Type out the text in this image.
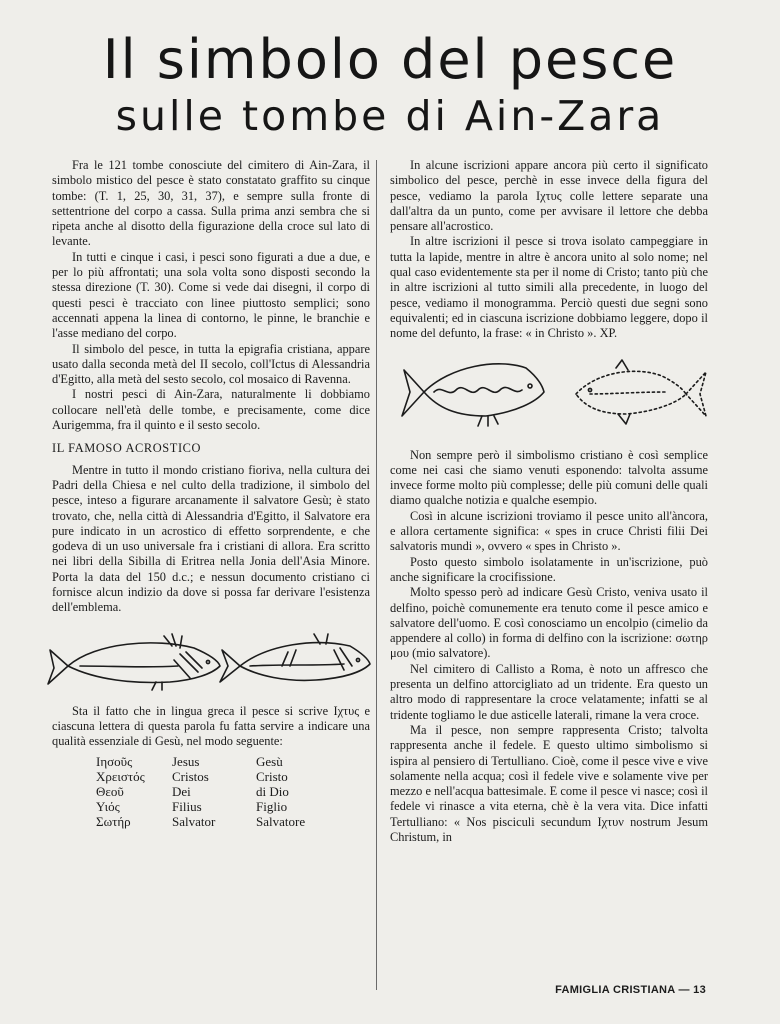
Il simbolo del pesce
sulle tombe di Ain-Zara

Fra le 121 tombe conosciute del cimitero di Ain-Zara, il simbolo mistico del pesce è stato constatato graffito su cinque tombe: (T. 1, 25, 30, 31, 37), e sempre sulla fronte di settentrione del corpo a cassa. Sulla prima anzi sembra che si ripeta anche al disotto della figurazione della croce sul lato di levante.

In tutti e cinque i casi, i pesci sono figurati a due a due, e per lo più affrontati; una sola volta sono disposti secondo la stessa direzione (T. 30). Come si vede dai disegni, il corpo di questi pesci è tracciato con linee piuttosto semplici; sono accennati appena la linea di contorno, le pinne, le branchie e l'asse mediano del corpo.

Il simbolo del pesce, in tutta la epigrafia cristiana, appare usato dalla seconda metà del II secolo, coll'Ictus di Alessandria d'Egitto, alla metà del sesto secolo, col mosaico di Ravenna.

I nostri pesci di Ain-Zara, naturalmente li dobbiamo collocare nell'età delle tombe, e precisamente, come dice Aurigemma, fra il quinto e il sesto secolo.

IL FAMOSO ACROSTICO

Mentre in tutto il mondo cristiano fioriva, nella cultura dei Padri della Chiesa e nel culto della tradizione, il simbolo del pesce, inteso a figurare arcanamente il salvatore Gesù; è stato trovato, che, nella città di Alessandria d'Egitto, il Salvatore era pure indicato in un acrostico di effetto sorprendente, e che godeva di un uso universale fra i cristiani di allora. Era scritto nei libri della Sibilla di Eritrea nella Jonia dell'Asia Minore. Porta la data del 150 d.c.; e nessun documento cristiano ci fornisce alcun indizio da dove si possa far derivare l'esistenza dell'emblema.

Sta il fatto che in lingua greca il pesce si scrive Ιχτυς e ciascuna lettera di questa parola fu fatta servire a indicare una qualità essenziale di Gesù, nel modo seguente:

Ιησοῦς	Jesus	Gesù
Χρειστός	Cristos	Cristo
Θεοῦ	Dei	di Dio
Υιός	Filius	Figlio
Σωτήρ	Salvator	Salvatore

In alcune iscrizioni appare ancora più certo il significato simbolico del pesce, perchè in esse invece della figura del pesce, vediamo la parola Ιχτυς colle lettere separate una dall'altra da un punto, come per avvisare il lettore che debba pensare all'acrostico.

In altre iscrizioni il pesce si trova isolato campeggiare in tutta la lapide, mentre in altre è ancora unito al solo nome; nel qual caso evidentemente sta per il nome di Cristo; tanto più che in altre iscrizioni al tutto simili alla precedente, in luogo del pesce, vediamo il monogramma. Perciò questi due segni sono equivalenti; ed in ciascuna iscrizione dobbiamo leggere, dopo il nome del defunto, la frase: « in Christo ». XP.

Non sempre però il simbolismo cristiano è così semplice come nei casi che siamo venuti esponendo: talvolta assume invece forme molto più complesse; delle più comuni delle quali diamo qualche notizia e qualche esempio.

Così in alcune iscrizioni troviamo il pesce unito all'àncora, e allora certamente significa: « spes in cruce Christi filii Dei salvatoris mundi », ovvero « spes in Christo ».

Posto questo simbolo isolatamente in un'iscrizione, può anche significare la crocifissione.

Molto spesso però ad indicare Gesù Cristo, veniva usato il delfino, poichè comunemente era tenuto come il pesce amico e salvatore dell'uomo. E così conosciamo un encolpio (cimelio da appendere al collo) in forma di delfino con la iscrizione: σωτηρ μου (mio salvatore).

Nel cimitero di Callisto a Roma, è noto un affresco che presenta un delfino attorcigliato ad un tridente. Era questo un altro modo di rappresentare la croce velatamente; infatti se al tridente togliamo le due asticelle laterali, rimane la vera croce.

Ma il pesce, non sempre rappresenta Cristo; talvolta rappresenta anche il fedele. E questo ultimo simbolismo si ispira al pensiero di Tertulliano. Cioè, come il pesce vive e vive solamente nella acqua; così il fedele vive e solamente vive per mezzo e nell'acqua battesimale. E come il pesce vi nasce; così il fedele vi rinasce a vita eterna, chè è la vera vita. Dice infatti Tertulliano: « Nos pisciculi secundum Ιχτυν nostrum Jesum Christum, in

FAMIGLIA CRISTIANA — 13
